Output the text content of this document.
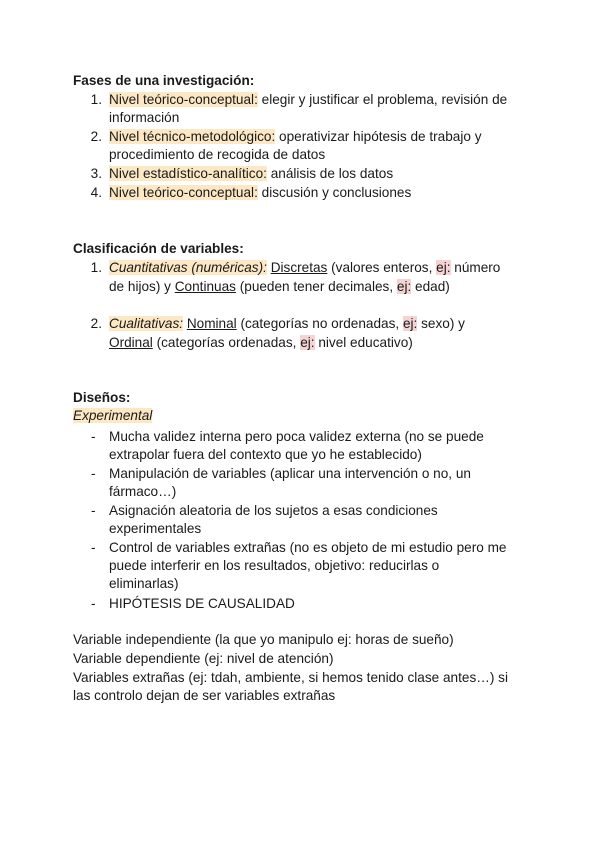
Fases de una investigación:
1. Nivel teórico-conceptual: elegir y justificar el problema, revisión de
información
2. Nivel técnico-metodológico: operativizar hipótesis de trabajo y
procedimiento de recogida de datos
3. Nivel estadístico-analítico: análisis de los datos
4. Nivel teórico-conceptual: discusión y conclusiones
Clasificación de variables:
1. Cuantitativas (numéricas): Discretas (valores enteros, ej: número
de hijos) y Continuas (pueden tener decimales, ej: edad)
2. Cualitativas: Nominal (categorías no ordenadas, ej: sexo) y
Ordinal (categorías ordenadas, ej: nivel educativo)
Diseños:
Experimental
- Mucha validez interna pero poca validez externa (no se puede
extrapolar fuera del contexto que yo he establecido)
- Manipulación de variables (aplicar una intervención o no, un
fármaco…)
- Asignación aleatoria de los sujetos a esas condiciones
experimentales
- Control de variables extrañas (no es objeto de mi estudio pero me
puede interferir en los resultados, objetivo: reducirlas o
eliminarlas)
- HIPÓTESIS DE CAUSALIDAD
Variable independiente (la que yo manipulo ej: horas de sueño)
Variable dependiente (ej: nivel de atención)
Variables extrañas (ej: tdah, ambiente, si hemos tenido clase antes…) si
las controlo dejan de ser variables extrañas
